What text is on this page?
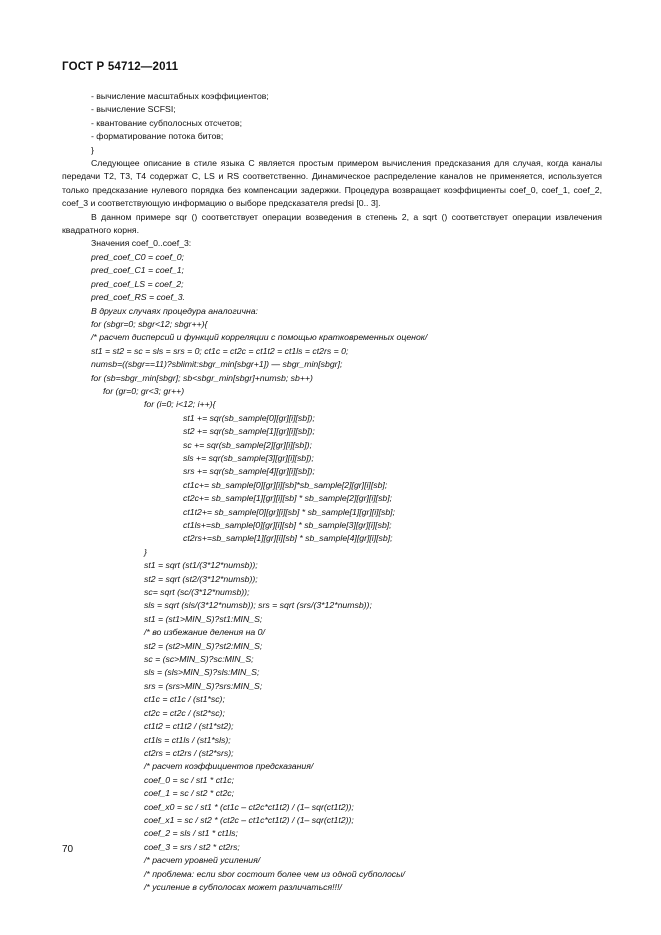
ГОСТ Р 54712—2011
- вычисление масштабных коэффициентов;
- вычисление SCFSI;
- квантование субполосных отсчетов;
- форматирование потока битов;
}
Следующее описание в стиле языка C является простым примером вычисления предсказания для случая, когда каналы передачи T2, T3, T4 содержат C, LS и RS соответственно. Динамическое распределение каналов не применяется, используется только предсказание нулевого порядка без компенсации задержки. Процедура возвращает коэффициенты coef_0, coef_1, coef_2, coef_3 и соответствующую информацию о выборе предсказателя predsi [0.. 3].
В данном примере sqr () соответствует операции возведения в степень 2, а sqrt () соответствует операции извлечения квадратного корня.
Значения coef_0..coef_3:
pred_coef_C0 = coef_0;
pred_coef_C1 = coef_1;
pred_coef_LS = coef_2;
pred_coef_RS = coef_3.
В других случаях процедура аналогична:
for (sbgr=0; sbgr<12; sbgr++){
/* расчет дисперсий и функций корреляции с помощью кратковременных оценок/
st1 = st2 = sc = sls = srs = 0; ct1c = ct2c = ct1t2 = ct1ls = ct2rs = 0;
numsb=((sbgr==11)?sblimit:sbgr_min[sbgr+1]) — sbgr_min[sbgr];
for (sb=sbgr_min[sbgr]; sb<sbgr_min[sbgr]+numsb; sb++)
for (gr=0; gr<3; gr++)
for (i=0; i<12; i++){
st1 += sqr(sb_sample[0][gr][i][sb]);
st2 += sqr(sb_sample[1][gr][i][sb]);
sc += sqr(sb_sample[2][gr][i][sb]);
sls += sqr(sb_sample[3][gr][i][sb]);
srs += sqr(sb_sample[4][gr][i][sb]);
ct1c+= sb_sample[0][gr][i][sb]*sb_sample[2][gr][i][sb];
ct2c+= sb_sample[1][gr][i][sb] * sb_sample[2][gr][i][sb];
ct1t2+= sb_sample[0][gr][i][sb] * sb_sample[1][gr][i][sb];
ct1ls+=sb_sample[0][gr][i][sb] * sb_sample[3][gr][i][sb];
ct2rs+=sb_sample[1][gr][i][sb] * sb_sample[4][gr][i][sb];
}
st1 = sqrt (st1/(3*12*numsb));
st2 = sqrt (st2/(3*12*numsb));
sc= sqrt (sc/(3*12*numsb));
sls = sqrt (sls/(3*12*numsb)); srs = sqrt (srs/(3*12*numsb));
st1 = (st1>MIN_S)?st1:MIN_S;
/* во избежание деления на 0/
st2 = (st2>MIN_S)?st2:MIN_S;
sc = (sc>MIN_S)?sc:MIN_S;
sls = (sls>MIN_S)?sls:MIN_S;
srs = (srs>MIN_S)?srs:MIN_S;
ct1c = ct1c / (st1*sc);
ct2c = ct2c / (st2*sc);
ct1t2 = ct1t2 / (st1*st2);
ct1ls = ct1ls / (st1*sls);
ct2rs = ct2rs / (st2*srs);
/* расчет коэффициентов предсказания/
coef_0 = sc / st1 * ct1c;
coef_1 = sc / st2 * ct2c;
coef_x0 = sc / st1 * (ct1c – ct2c*ct1t2) / (1– sqr(ct1t2));
coef_x1 = sc / st2 * (ct2c – ct1c*ct1t2) / (1– sqr(ct1t2));
coef_2 = sls / st1 * ct1ls;
coef_3 = srs / st2 * ct2rs;
/* расчет уровней усиления/
/* проблема: если sbor состоит более чем из одной субполосы/
/* усиление в субполосах может различаться!!!/
70
